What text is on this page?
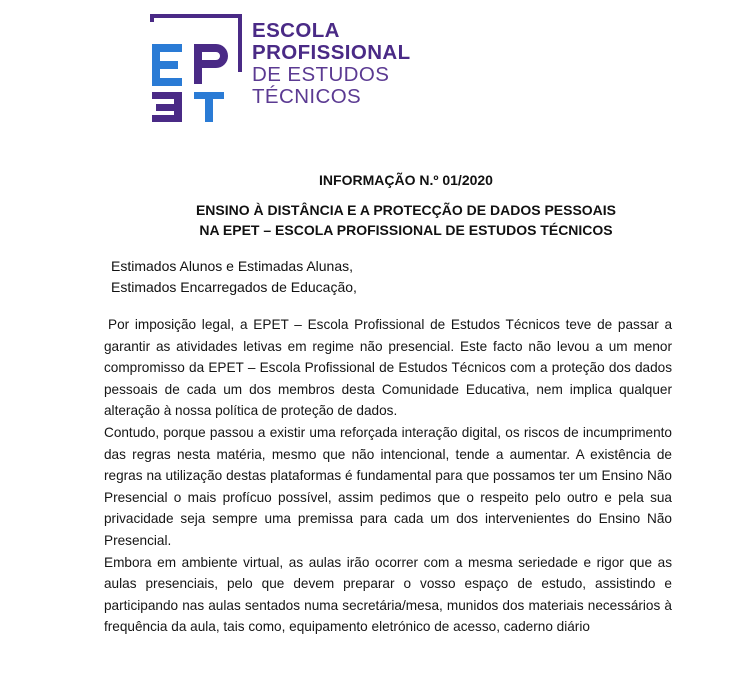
ESCOLA
PROFISSIONAL
DE ESTUDOS
TÉCNICOS
INFORMAÇÃO N.º 01/2020
ENSINO À DISTÂNCIA E A PROTECÇÃO DE DADOS PESSOAIS
NA EPET – ESCOLA PROFISSIONAL DE ESTUDOS TÉCNICOS
Estimados Alunos e Estimadas Alunas,
Estimados Encarregados de Educação,

Por imposição legal, a EPET – Escola Profissional de Estudos Técnicos teve de passar a garantir as atividades letivas em regime não presencial. Este facto não levou a um menor compromisso da EPET – Escola Profissional de Estudos Técnicos com a proteção dos dados pessoais de cada um dos membros desta Comunidade Educativa, nem implica qualquer alteração à nossa política de proteção de dados.

Contudo, porque passou a existir uma reforçada interação digital, os riscos de incumprimento das regras nesta matéria, mesmo que não intencional, tende a aumentar. A existência de regras na utilização destas plataformas é fundamental para que possamos ter um Ensino Não Presencial o mais profícuo possível, assim pedimos que o respeito pelo outro e pela sua privacidade seja sempre uma premissa para cada um dos intervenientes do Ensino Não Presencial.

Embora em ambiente virtual, as aulas irão ocorrer com a mesma seriedade e rigor que as aulas presenciais, pelo que devem preparar o vosso espaço de estudo, assistindo e participando nas aulas sentados numa secretária/mesa, munidos dos materiais necessários à frequência da aula, tais como, equipamento eletrónico de acesso, caderno diário
